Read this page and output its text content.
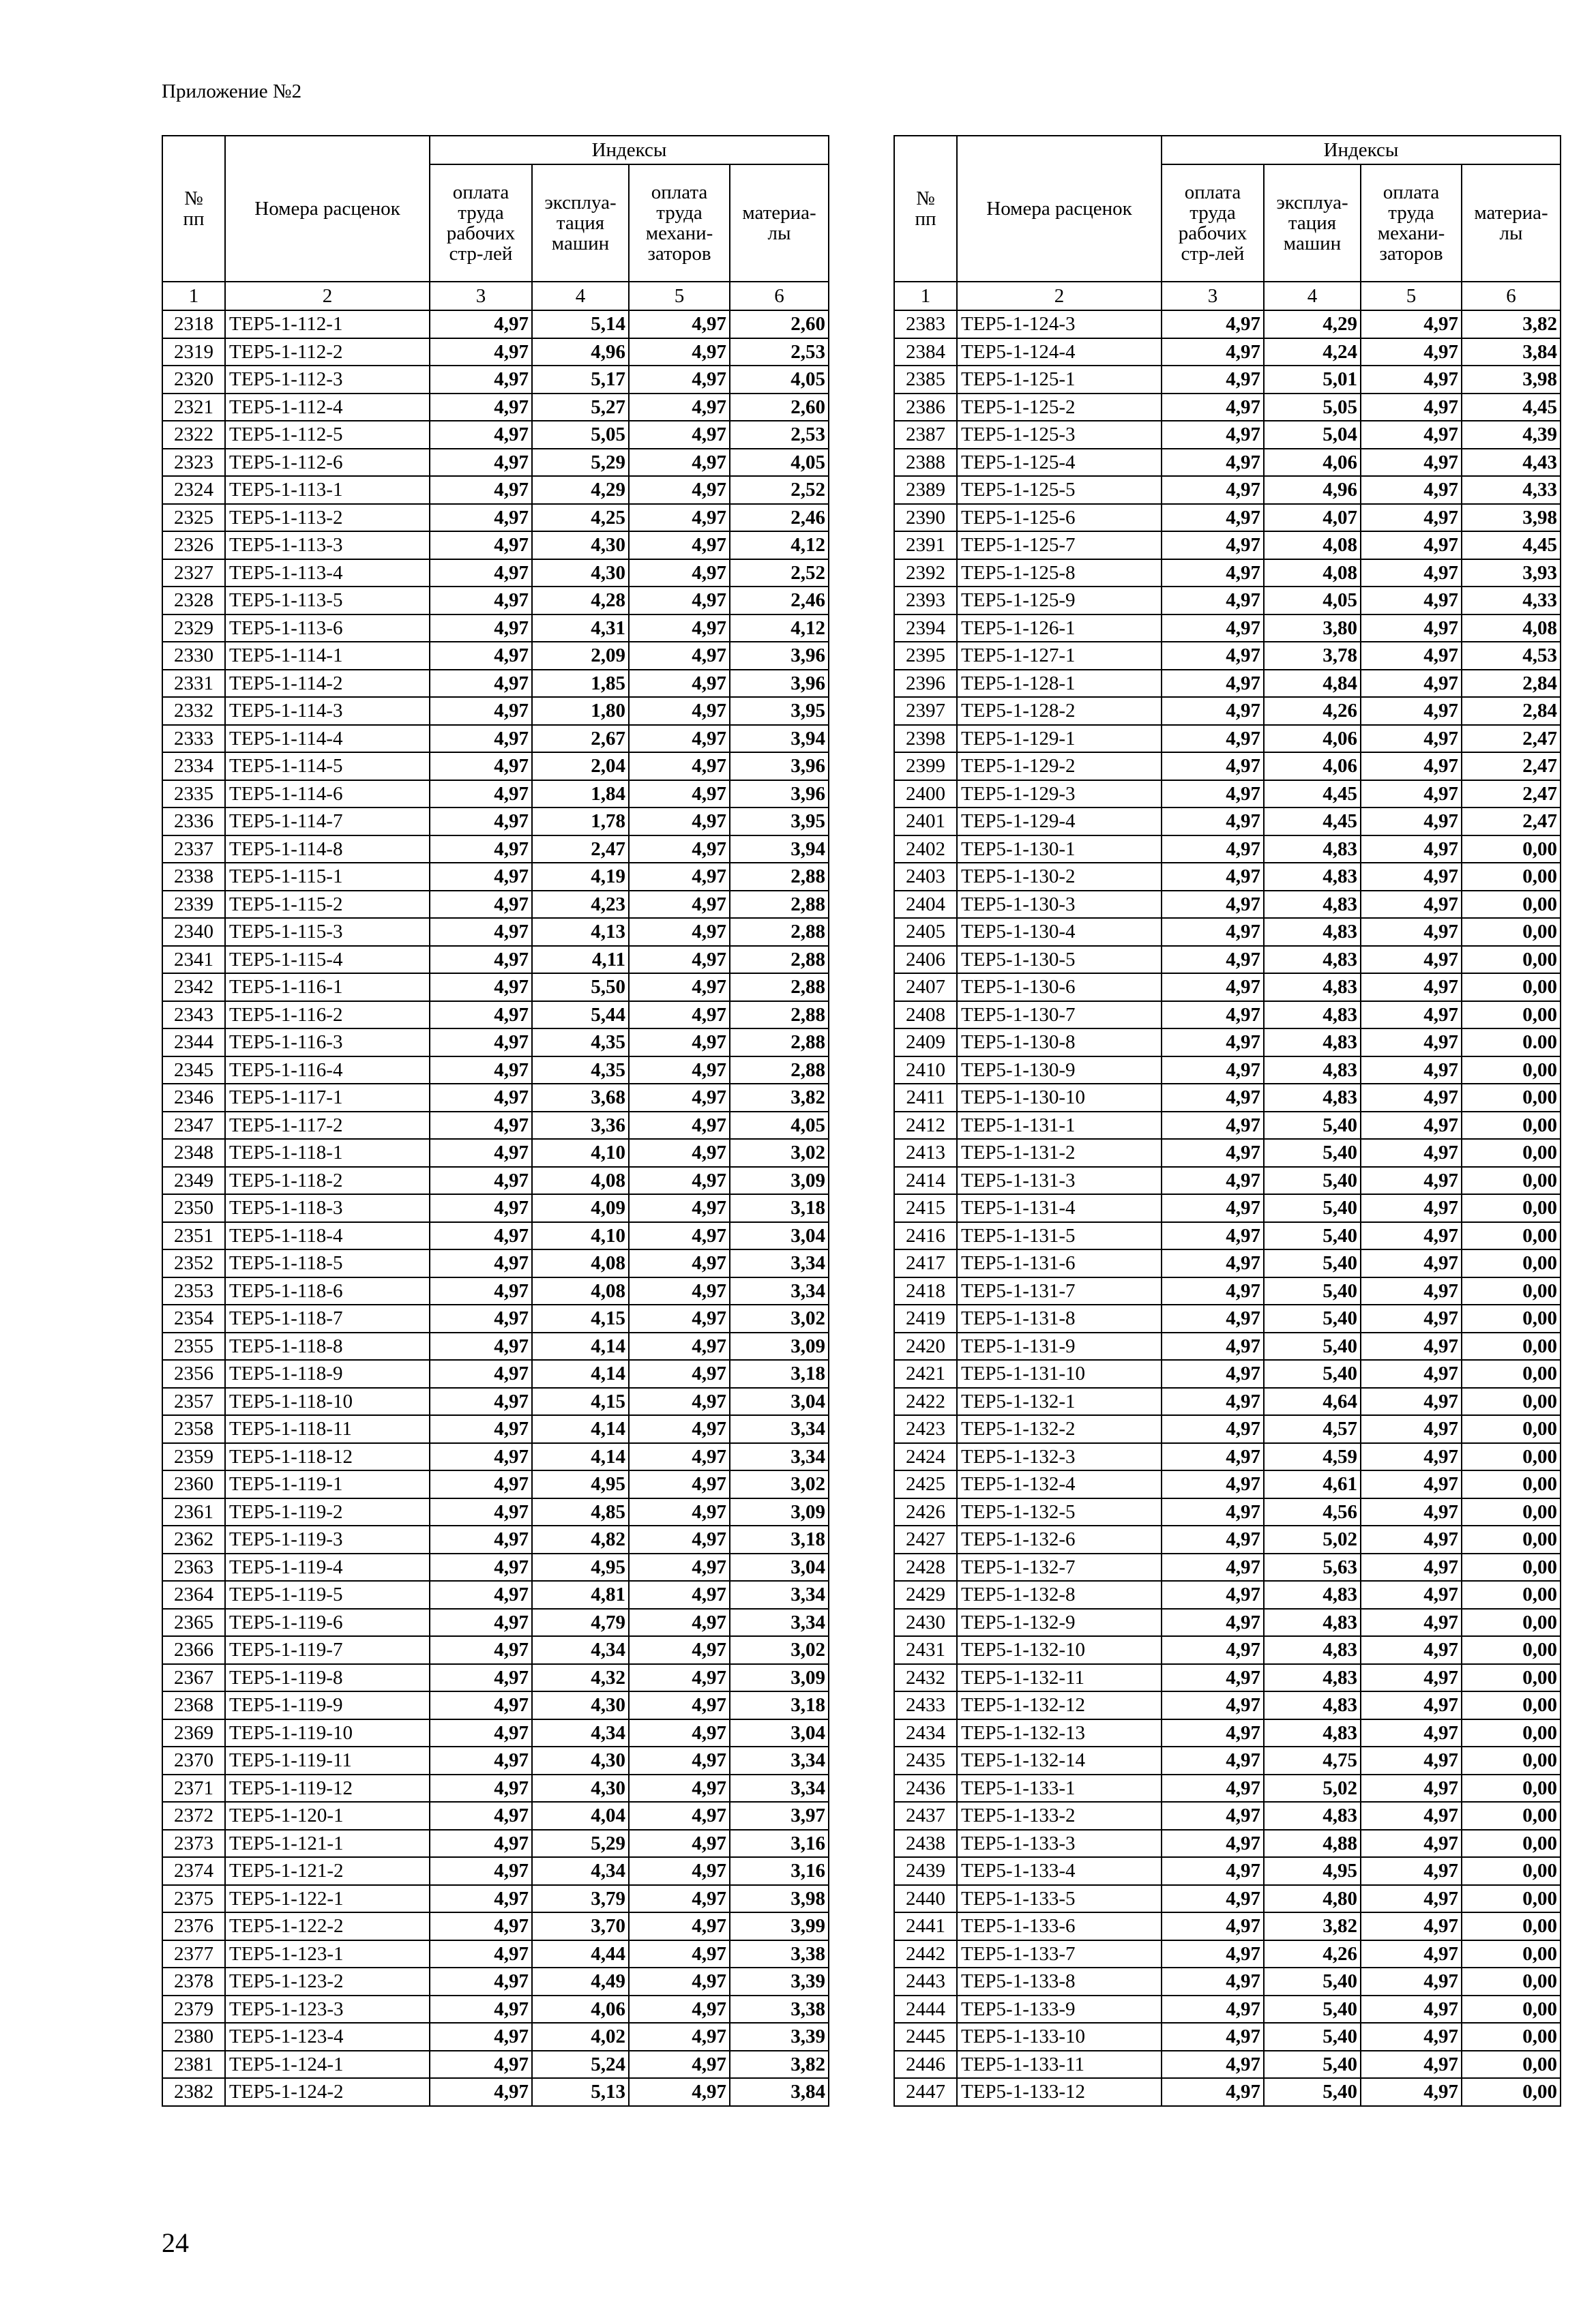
Приложение №2
№
пп	Номера расценок	Индексы			
		оплата
труда
рабочих
стр-лей	эксплуа-
тация
машин	оплата
труда
механи-
заторов	материа-
лы
1	2	3	4	5	6
2318	ТЕР5-1-112-1	4,97	5,14	4,97	2,60
2319	ТЕР5-1-112-2	4,97	4,96	4,97	2,53
2320	ТЕР5-1-112-3	4,97	5,17	4,97	4,05
2321	ТЕР5-1-112-4	4,97	5,27	4,97	2,60
2322	ТЕР5-1-112-5	4,97	5,05	4,97	2,53
2323	ТЕР5-1-112-6	4,97	5,29	4,97	4,05
2324	ТЕР5-1-113-1	4,97	4,29	4,97	2,52
2325	ТЕР5-1-113-2	4,97	4,25	4,97	2,46
2326	ТЕР5-1-113-3	4,97	4,30	4,97	4,12
2327	ТЕР5-1-113-4	4,97	4,30	4,97	2,52
2328	ТЕР5-1-113-5	4,97	4,28	4,97	2,46
2329	ТЕР5-1-113-6	4,97	4,31	4,97	4,12
2330	ТЕР5-1-114-1	4,97	2,09	4,97	3,96
2331	ТЕР5-1-114-2	4,97	1,85	4,97	3,96
2332	ТЕР5-1-114-3	4,97	1,80	4,97	3,95
2333	ТЕР5-1-114-4	4,97	2,67	4,97	3,94
2334	ТЕР5-1-114-5	4,97	2,04	4,97	3,96
2335	ТЕР5-1-114-6	4,97	1,84	4,97	3,96
2336	ТЕР5-1-114-7	4,97	1,78	4,97	3,95
2337	ТЕР5-1-114-8	4,97	2,47	4,97	3,94
2338	ТЕР5-1-115-1	4,97	4,19	4,97	2,88
2339	ТЕР5-1-115-2	4,97	4,23	4,97	2,88
2340	ТЕР5-1-115-3	4,97	4,13	4,97	2,88
2341	ТЕР5-1-115-4	4,97	4,11	4,97	2,88
2342	ТЕР5-1-116-1	4,97	5,50	4,97	2,88
2343	ТЕР5-1-116-2	4,97	5,44	4,97	2,88
2344	ТЕР5-1-116-3	4,97	4,35	4,97	2,88
2345	ТЕР5-1-116-4	4,97	4,35	4,97	2,88
2346	ТЕР5-1-117-1	4,97	3,68	4,97	3,82
2347	ТЕР5-1-117-2	4,97	3,36	4,97	4,05
2348	ТЕР5-1-118-1	4,97	4,10	4,97	3,02
2349	ТЕР5-1-118-2	4,97	4,08	4,97	3,09
2350	ТЕР5-1-118-3	4,97	4,09	4,97	3,18
2351	ТЕР5-1-118-4	4,97	4,10	4,97	3,04
2352	ТЕР5-1-118-5	4,97	4,08	4,97	3,34
2353	ТЕР5-1-118-6	4,97	4,08	4,97	3,34
2354	ТЕР5-1-118-7	4,97	4,15	4,97	3,02
2355	ТЕР5-1-118-8	4,97	4,14	4,97	3,09
2356	ТЕР5-1-118-9	4,97	4,14	4,97	3,18
2357	ТЕР5-1-118-10	4,97	4,15	4,97	3,04
2358	ТЕР5-1-118-11	4,97	4,14	4,97	3,34
2359	ТЕР5-1-118-12	4,97	4,14	4,97	3,34
2360	ТЕР5-1-119-1	4,97	4,95	4,97	3,02
2361	ТЕР5-1-119-2	4,97	4,85	4,97	3,09
2362	ТЕР5-1-119-3	4,97	4,82	4,97	3,18
2363	ТЕР5-1-119-4	4,97	4,95	4,97	3,04
2364	ТЕР5-1-119-5	4,97	4,81	4,97	3,34
2365	ТЕР5-1-119-6	4,97	4,79	4,97	3,34
2366	ТЕР5-1-119-7	4,97	4,34	4,97	3,02
2367	ТЕР5-1-119-8	4,97	4,32	4,97	3,09
2368	ТЕР5-1-119-9	4,97	4,30	4,97	3,18
2369	ТЕР5-1-119-10	4,97	4,34	4,97	3,04
2370	ТЕР5-1-119-11	4,97	4,30	4,97	3,34
2371	ТЕР5-1-119-12	4,97	4,30	4,97	3,34
2372	ТЕР5-1-120-1	4,97	4,04	4,97	3,97
2373	ТЕР5-1-121-1	4,97	5,29	4,97	3,16
2374	ТЕР5-1-121-2	4,97	4,34	4,97	3,16
2375	ТЕР5-1-122-1	4,97	3,79	4,97	3,98
2376	ТЕР5-1-122-2	4,97	3,70	4,97	3,99
2377	ТЕР5-1-123-1	4,97	4,44	4,97	3,38
2378	ТЕР5-1-123-2	4,97	4,49	4,97	3,39
2379	ТЕР5-1-123-3	4,97	4,06	4,97	3,38
2380	ТЕР5-1-123-4	4,97	4,02	4,97	3,39
2381	ТЕР5-1-124-1	4,97	5,24	4,97	3,82
2382	ТЕР5-1-124-2	4,97	5,13	4,97	3,84
№
пп	Номера расценок	Индексы			
		оплата
труда
рабочих
стр-лей	эксплуа-
тация
машин	оплата
труда
механи-
заторов	материа-
лы
1	2	3	4	5	6
2383	ТЕР5-1-124-3	4,97	4,29	4,97	3,82
2384	ТЕР5-1-124-4	4,97	4,24	4,97	3,84
2385	ТЕР5-1-125-1	4,97	5,01	4,97	3,98
2386	ТЕР5-1-125-2	4,97	5,05	4,97	4,45
2387	ТЕР5-1-125-3	4,97	5,04	4,97	4,39
2388	ТЕР5-1-125-4	4,97	4,06	4,97	4,43
2389	ТЕР5-1-125-5	4,97	4,96	4,97	4,33
2390	ТЕР5-1-125-6	4,97	4,07	4,97	3,98
2391	ТЕР5-1-125-7	4,97	4,08	4,97	4,45
2392	ТЕР5-1-125-8	4,97	4,08	4,97	3,93
2393	ТЕР5-1-125-9	4,97	4,05	4,97	4,33
2394	ТЕР5-1-126-1	4,97	3,80	4,97	4,08
2395	ТЕР5-1-127-1	4,97	3,78	4,97	4,53
2396	ТЕР5-1-128-1	4,97	4,84	4,97	2,84
2397	ТЕР5-1-128-2	4,97	4,26	4,97	2,84
2398	ТЕР5-1-129-1	4,97	4,06	4,97	2,47
2399	ТЕР5-1-129-2	4,97	4,06	4,97	2,47
2400	ТЕР5-1-129-3	4,97	4,45	4,97	2,47
2401	ТЕР5-1-129-4	4,97	4,45	4,97	2,47
2402	ТЕР5-1-130-1	4,97	4,83	4,97	0,00
2403	ТЕР5-1-130-2	4,97	4,83	4,97	0,00
2404	ТЕР5-1-130-3	4,97	4,83	4,97	0,00
2405	ТЕР5-1-130-4	4,97	4,83	4,97	0,00
2406	ТЕР5-1-130-5	4,97	4,83	4,97	0,00
2407	ТЕР5-1-130-6	4,97	4,83	4,97	0,00
2408	ТЕР5-1-130-7	4,97	4,83	4,97	0,00
2409	ТЕР5-1-130-8	4,97	4,83	4,97	0.00
2410	ТЕР5-1-130-9	4,97	4,83	4,97	0,00
2411	ТЕР5-1-130-10	4,97	4,83	4,97	0,00
2412	ТЕР5-1-131-1	4,97	5,40	4,97	0,00
2413	ТЕР5-1-131-2	4,97	5,40	4,97	0,00
2414	ТЕР5-1-131-3	4,97	5,40	4,97	0,00
2415	ТЕР5-1-131-4	4,97	5,40	4,97	0,00
2416	ТЕР5-1-131-5	4,97	5,40	4,97	0,00
2417	ТЕР5-1-131-6	4,97	5,40	4,97	0,00
2418	ТЕР5-1-131-7	4,97	5,40	4,97	0,00
2419	ТЕР5-1-131-8	4,97	5,40	4,97	0,00
2420	ТЕР5-1-131-9	4,97	5,40	4,97	0,00
2421	ТЕР5-1-131-10	4,97	5,40	4,97	0,00
2422	ТЕР5-1-132-1	4,97	4,64	4,97	0,00
2423	ТЕР5-1-132-2	4,97	4,57	4,97	0,00
2424	ТЕР5-1-132-3	4,97	4,59	4,97	0,00
2425	ТЕР5-1-132-4	4,97	4,61	4,97	0,00
2426	ТЕР5-1-132-5	4,97	4,56	4,97	0,00
2427	ТЕР5-1-132-6	4,97	5,02	4,97	0,00
2428	ТЕР5-1-132-7	4,97	5,63	4,97	0,00
2429	ТЕР5-1-132-8	4,97	4,83	4,97	0,00
2430	ТЕР5-1-132-9	4,97	4,83	4,97	0,00
2431	ТЕР5-1-132-10	4,97	4,83	4,97	0,00
2432	ТЕР5-1-132-11	4,97	4,83	4,97	0,00
2433	ТЕР5-1-132-12	4,97	4,83	4,97	0,00
2434	ТЕР5-1-132-13	4,97	4,83	4,97	0,00
2435	ТЕР5-1-132-14	4,97	4,75	4,97	0,00
2436	ТЕР5-1-133-1	4,97	5,02	4,97	0,00
2437	ТЕР5-1-133-2	4,97	4,83	4,97	0,00
2438	ТЕР5-1-133-3	4,97	4,88	4,97	0,00
2439	ТЕР5-1-133-4	4,97	4,95	4,97	0,00
2440	ТЕР5-1-133-5	4,97	4,80	4,97	0,00
2441	ТЕР5-1-133-6	4,97	3,82	4,97	0,00
2442	ТЕР5-1-133-7	4,97	4,26	4,97	0,00
2443	ТЕР5-1-133-8	4,97	5,40	4,97	0,00
2444	ТЕР5-1-133-9	4,97	5,40	4,97	0,00
2445	ТЕР5-1-133-10	4,97	5,40	4,97	0,00
2446	ТЕР5-1-133-11	4,97	5,40	4,97	0,00
2447	ТЕР5-1-133-12	4,97	5,40	4,97	0,00
24
